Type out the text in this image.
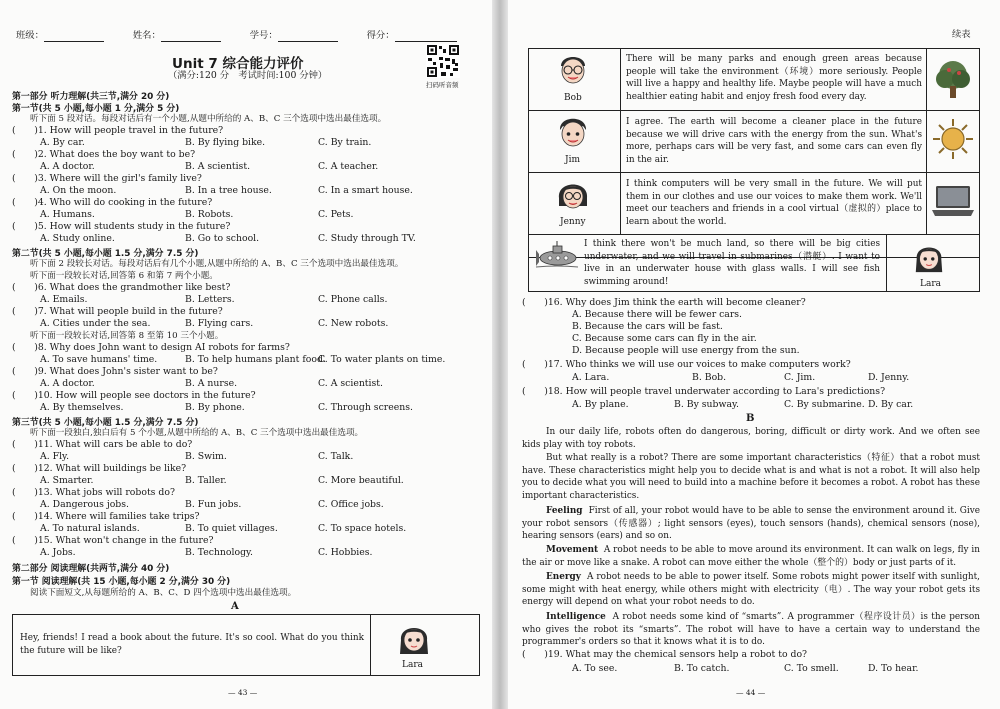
班级：	姓名：	学号：	得分：
Unit 7 综合能力评价
（满分:120 分　考试时间:100 分钟）
扫码听音频
第一部分 听力理解(共三节,满分 20 分)
第一节(共 5 小题,每小题 1 分,满分 5 分)
听下面 5 段对话。每段对话后有一个小题,从题中所给的 A、B、C 三个选项中选出最佳选项。
(　　)1. How will people travel in the future?
A. By car.	B. By flying bike.	C. By train.
(　　)2. What does the boy want to be?
A. A doctor.	B. A scientist.	C. A teacher.
(　　)3. Where will the girl's family live?
A. On the moon.	B. In a tree house.	C. In a smart house.
(　　)4. Who will do cooking in the future?
A. Humans.	B. Robots.	C. Pets.
(　　)5. How will students study in the future?
A. Study online.	B. Go to school.	C. Study through TV.
第二节(共 5 小题,每小题 1.5 分,满分 7.5 分)
听下面 2 段较长对话。每段对话后有几个小题,从题中所给的 A、B、C 三个选项中选出最佳选项。
听下面一段较长对话,回答第 6 和第 7 两个小题。
(　　)6. What does the grandmother like best?
A. Emails.	B. Letters.	C. Phone calls.
(　　)7. What will people build in the future?
A. Cities under the sea.	B. Flying cars.	C. New robots.
听下面一段较长对话,回答第 8 至第 10 三个小题。
(　　)8. Why does John want to design AI robots for farms?
A. To save humans' time.	B. To help humans plant food.
C. To water plants on time.
(　　)9. What does John's sister want to be?
A. A doctor.	B. A nurse.	C. A scientist.
(　　)10. How will people see doctors in the future?
A. By themselves.	B. By phone.	C. Through screens.
第三节(共 5 小题,每小题 1.5 分,满分 7.5 分)
听下面一段独白,独白后有 5 个小题,从题中所给的 A、B、C 三个选项中选出最佳选项。
(　　)11. What will cars be able to do?
A. Fly.	B. Swim.	C. Talk.
(　　)12. What will buildings be like?
A. Smarter.	B. Taller.	C. More beautiful.
(　　)13. What jobs will robots do?
A. Dangerous jobs.	B. Fun jobs.	C. Office jobs.
(　　)14. Where will families take trips?
A. To natural islands.	B. To quiet villages.	C. To space hotels.
(　　)15. What won't change in the future?
A. Jobs.	B. Technology.	C. Hobbies.
第二部分 阅读理解(共两节,满分 40 分)
第一节 阅读理解(共 15 小题,每小题 2 分,满分 30 分)
阅读下面短文,从每题所给的 A、B、C、D 四个选项中选出最佳选项。
A
Hey, friends! I read a book about the future. It's so cool. What do you think the future will be like?
Lara
— 43 —
续表
Bob
There will be many parks and enough green areas because people will take the environment（环境）more seriously. People will live a happy and healthy life. Maybe people will have a much healthier eating habit and enjoy fresh food every day.
Jim
I agree. The earth will become a cleaner place in the future because we will drive cars with the energy from the sun. What's more, perhaps cars will be very fast, and some cars can even fly in the air.
Jenny
I think computers will be very small in the future. We will put them in our clothes and use our voices to make them work. We'll meet our teachers and friends in a cool virtual（虚拟的）place to learn about the world.
I think there won't be much land, so there will be big cities underwater, and we will travel in submarines（潜艇）. I want to live in an underwater house with glass walls. I will see fish swimming around!	Lara
(　　)16. Why does Jim think the earth will become cleaner?
A. Because there will be fewer cars.
B. Because the cars will be fast.
C. Because some cars can fly in the air.
D. Because people will use energy from the sun.
(　　)17. Who thinks we will use our voices to make computers work?
A. Lara.	B. Bob.	C. Jim.	D. Jenny.
(　　)18. How will people travel underwater according to Lara's predictions?
A. By plane.	B. By subway.	C. By submarine. D. By car.
B
In our daily life, robots often do dangerous, boring, difficult or dirty work. And we often see kids play with toy robots.
But what really is a robot? There are some important characteristics（特征）that a robot must have. These characteristics might help you to decide what is and what is not a robot. It will also help you to decide what you will need to build into a machine before it becomes a robot. A robot has these important characteristics.
Feeling First of all, your robot would have to be able to sense the environment around it. Give your robot sensors（传感器）; light sensors (eyes), touch sensors (hands), chemical sensors (nose), hearing sensors (ears) and so on.
Movement A robot needs to be able to move around its environment. It can walk on legs, fly in the air or move like a snake. A robot can move either the whole（整个的）body or just parts of it.
Energy A robot needs to be able to power itself. Some robots might power itself with sunlight, some might with heat energy, while others might with electricity（电）. The way your robot gets its energy will depend on what your robot needs to do.
Intelligence A robot needs some kind of “smarts”. A programmer（程序设计员）is the person who gives the robot its “smarts”. The robot will have to have a certain way to understand the programmer's orders so that it knows what it is to do.
(　　)19. What may the chemical sensors help a robot to do?
A. To see.	B. To catch.	C. To smell.	D. To hear.
— 44 —
